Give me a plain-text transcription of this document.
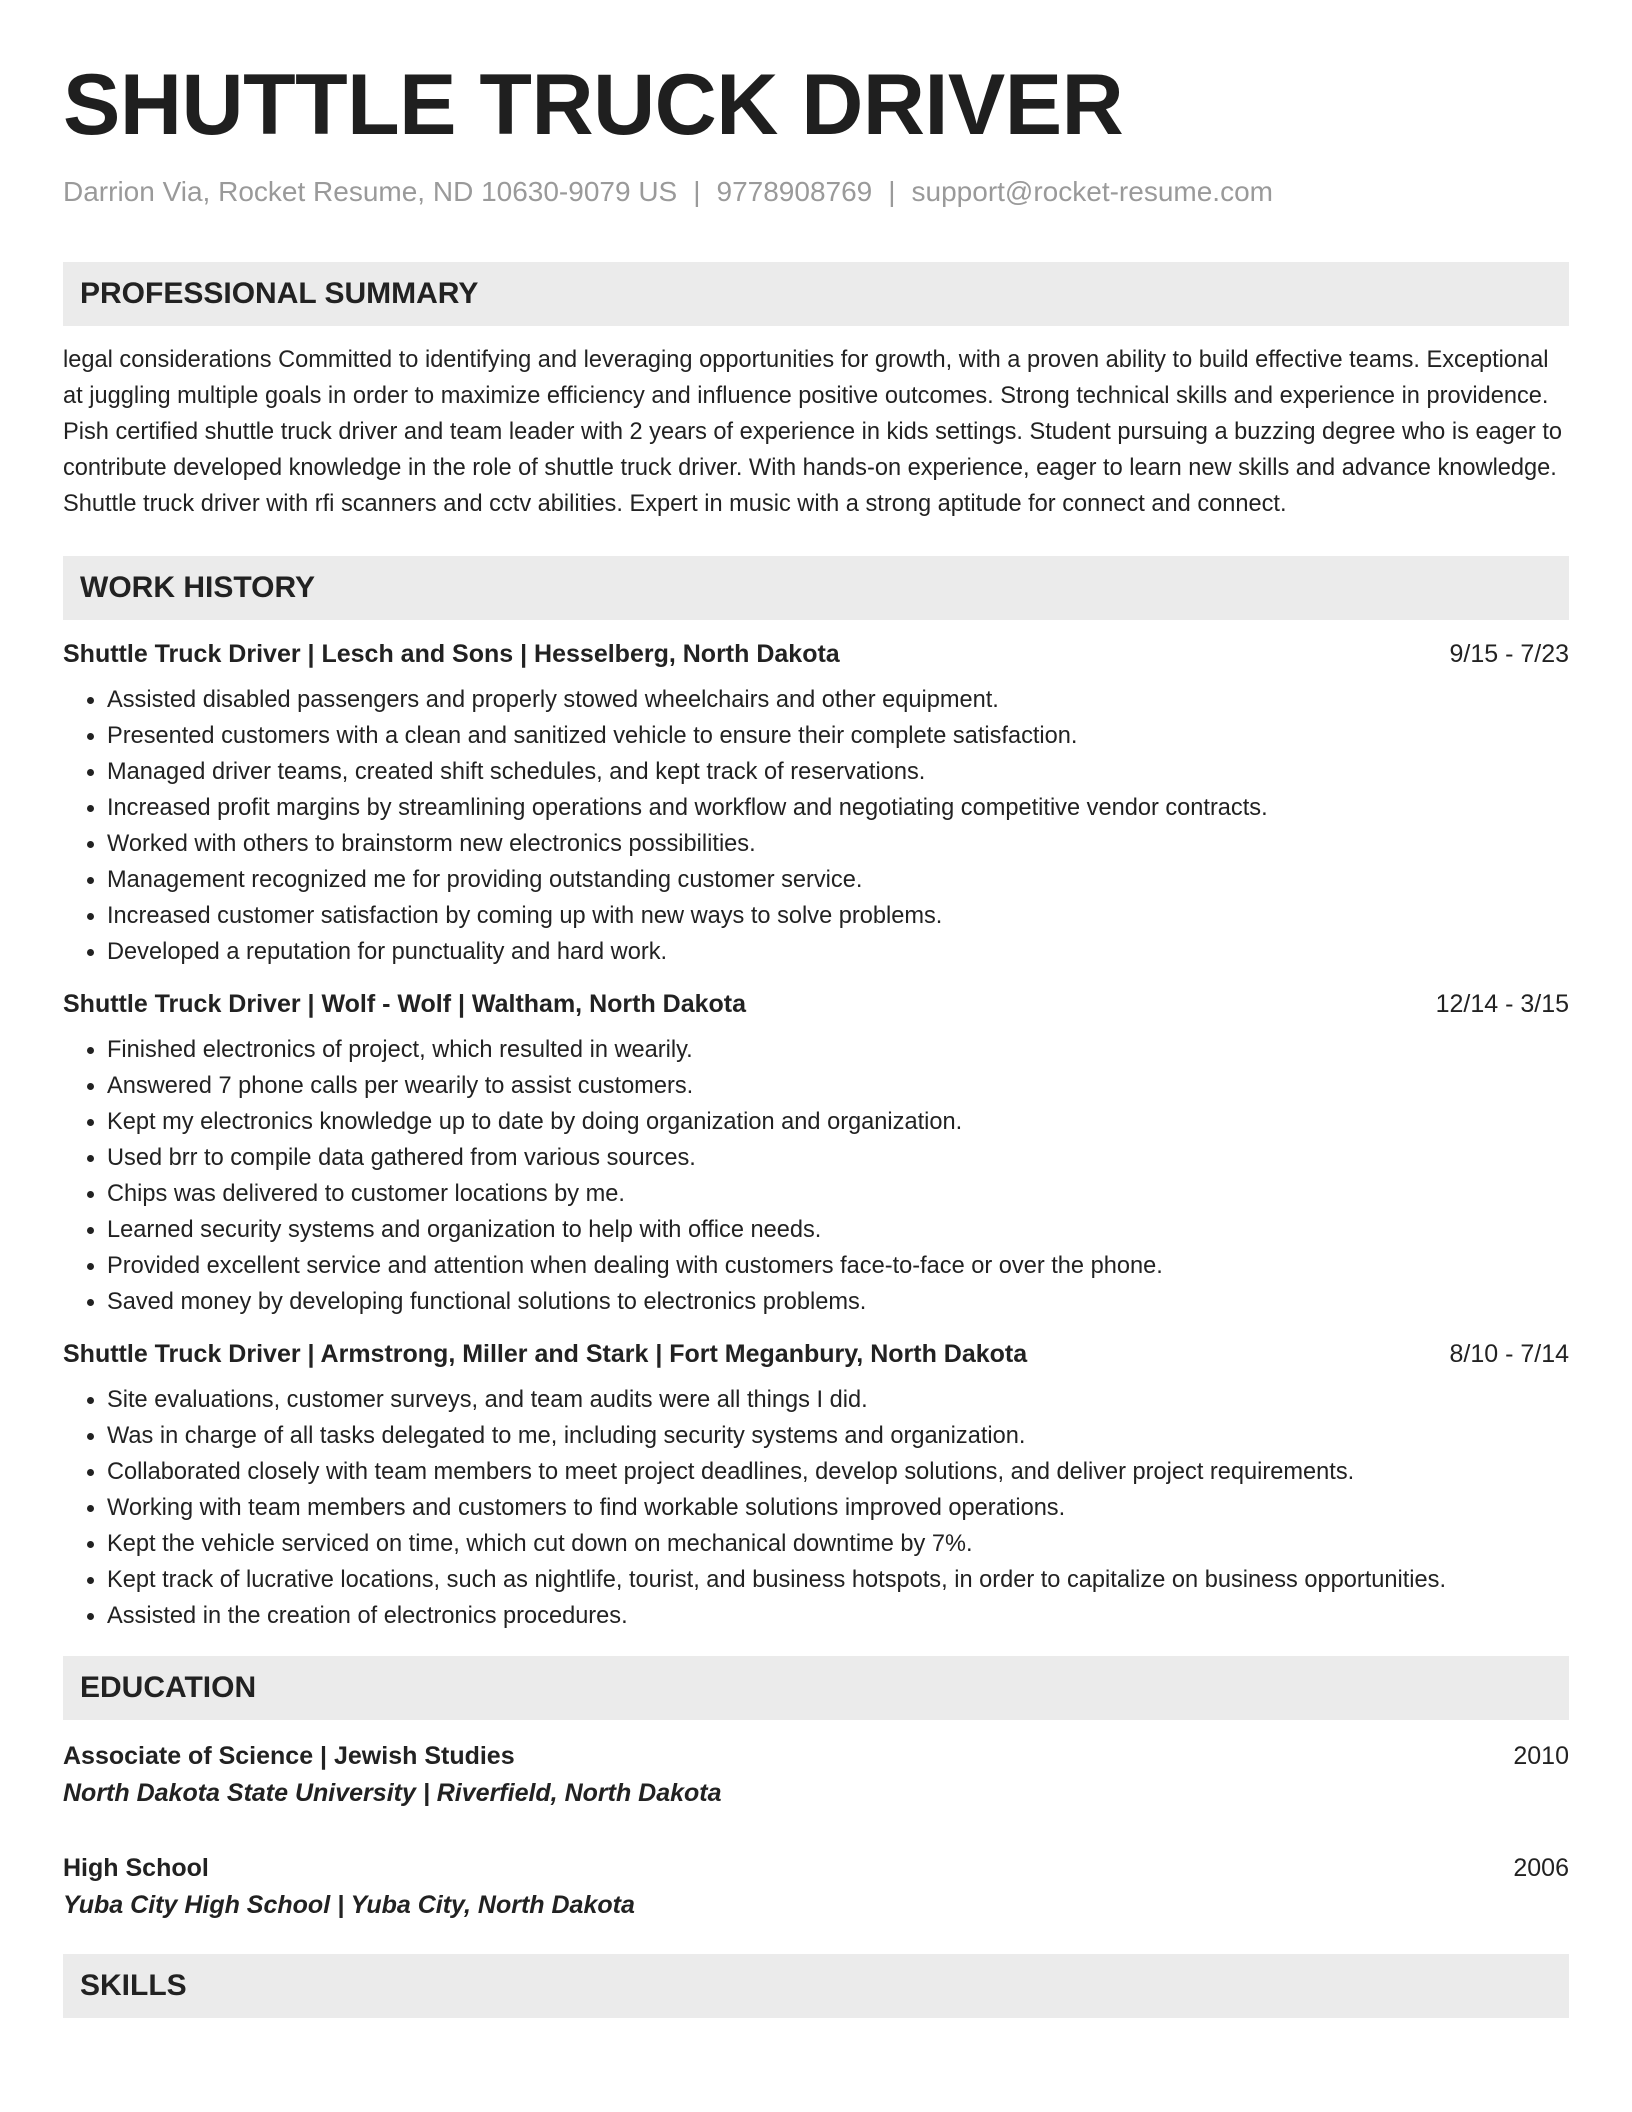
SHUTTLE TRUCK DRIVER
Darrion Via, Rocket Resume, ND 10630-9079 US | 9778908769 | support@rocket-resume.com
PROFESSIONAL SUMMARY
legal considerations Committed to identifying and leveraging opportunities for growth, with a proven ability to build effective teams. Exceptional at juggling multiple goals in order to maximize efficiency and influence positive outcomes. Strong technical skills and experience in providence. Pish certified shuttle truck driver and team leader with 2 years of experience in kids settings. Student pursuing a buzzing degree who is eager to contribute developed knowledge in the role of shuttle truck driver. With hands-on experience, eager to learn new skills and advance knowledge. Shuttle truck driver with rfi scanners and cctv abilities. Expert in music with a strong aptitude for connect and connect.
WORK HISTORY
Shuttle Truck Driver | Lesch and Sons | Hesselberg, North Dakota	9/15 - 7/23
• Assisted disabled passengers and properly stowed wheelchairs and other equipment.
• Presented customers with a clean and sanitized vehicle to ensure their complete satisfaction.
• Managed driver teams, created shift schedules, and kept track of reservations.
• Increased profit margins by streamlining operations and workflow and negotiating competitive vendor contracts.
• Worked with others to brainstorm new electronics possibilities.
• Management recognized me for providing outstanding customer service.
• Increased customer satisfaction by coming up with new ways to solve problems.
• Developed a reputation for punctuality and hard work.
Shuttle Truck Driver | Wolf - Wolf | Waltham, North Dakota	12/14 - 3/15
• Finished electronics of project, which resulted in wearily.
• Answered 7 phone calls per wearily to assist customers.
• Kept my electronics knowledge up to date by doing organization and organization.
• Used brr to compile data gathered from various sources.
• Chips was delivered to customer locations by me.
• Learned security systems and organization to help with office needs.
• Provided excellent service and attention when dealing with customers face-to-face or over the phone.
• Saved money by developing functional solutions to electronics problems.
Shuttle Truck Driver | Armstrong, Miller and Stark | Fort Meganbury, North Dakota	8/10 - 7/14
• Site evaluations, customer surveys, and team audits were all things I did.
• Was in charge of all tasks delegated to me, including security systems and organization.
• Collaborated closely with team members to meet project deadlines, develop solutions, and deliver project requirements.
• Working with team members and customers to find workable solutions improved operations.
• Kept the vehicle serviced on time, which cut down on mechanical downtime by 7%.
• Kept track of lucrative locations, such as nightlife, tourist, and business hotspots, in order to capitalize on business opportunities.
• Assisted in the creation of electronics procedures.
EDUCATION
Associate of Science | Jewish Studies	2010
North Dakota State University | Riverfield, North Dakota
High School	2006
Yuba City High School | Yuba City, North Dakota
SKILLS
